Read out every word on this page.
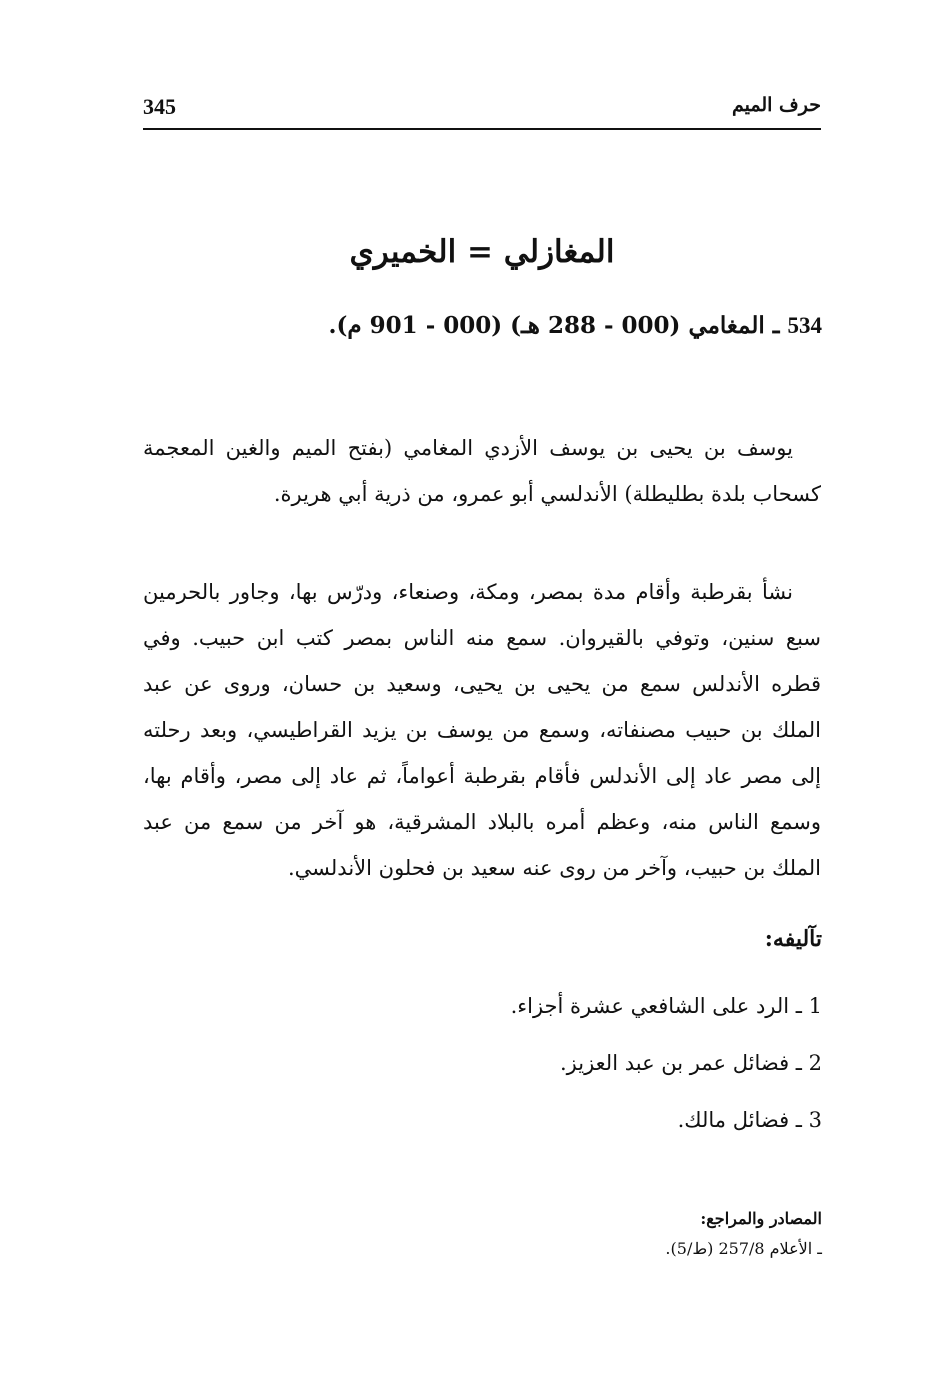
345	حرف الميم
المغازلي = الخميري
534 ـ المغامي (000 - 288 هـ) (000 - 901 م).

يوسف بن يحيى بن يوسف الأزدي المغامي (بفتح الميم والغين المعجمة كسحاب بلدة بطليطلة) الأندلسي أبو عمرو، من ذرية أبي هريرة.

نشأ بقرطبة وأقام مدة بمصر، ومكة، وصنعاء، ودرّس بها، وجاور بالحرمين سبع سنين، وتوفي بالقيروان. سمع منه الناس بمصر كتب ابن حبيب. وفي قطره الأندلس سمع من يحيى بن يحيى، وسعيد بن حسان، وروى عن عبد الملك بن حبيب مصنفاته، وسمع من يوسف بن يزيد القراطيسي، وبعد رحلته إلى مصر عاد إلى الأندلس فأقام بقرطبة أعواماً، ثم عاد إلى مصر، وأقام بها، وسمع الناس منه، وعظم أمره بالبلاد المشرقية، هو آخر من سمع من عبد الملك بن حبيب، وآخر من روى عنه سعيد بن فحلون الأندلسي.

تآليفه:
1 ـ الرد على الشافعي عشرة أجزاء.
2 ـ فضائل عمر بن عبد العزيز.
3 ـ فضائل مالك.
المصادر والمراجع:
ـ الأعلام 257/8 (ط/5).
